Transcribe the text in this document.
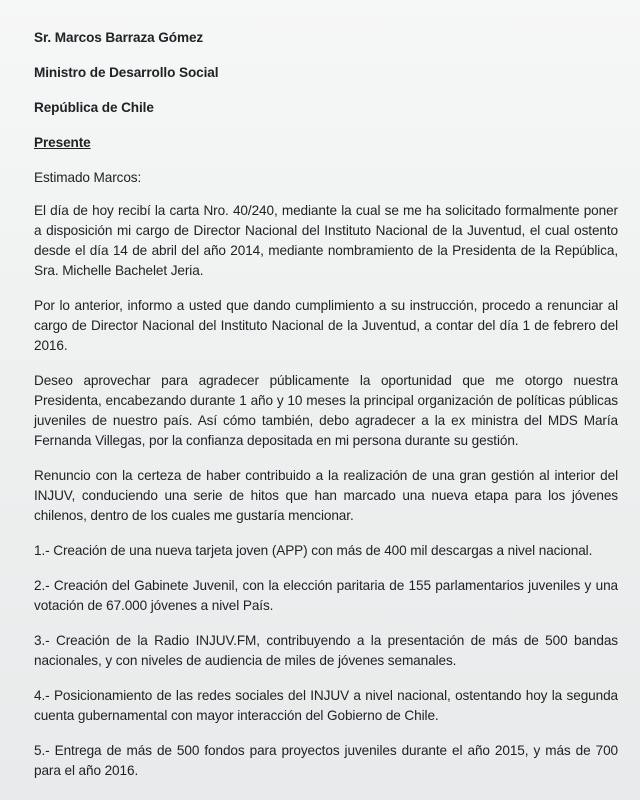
Sr. Marcos Barraza Gómez
Ministro de Desarrollo Social
República de Chile
Presente
Estimado Marcos:

El día de hoy recibí la carta Nro. 40/240, mediante la cual se me ha solicitado formalmente poner a disposición mi cargo de Director Nacional del Instituto Nacional de la Juventud, el cual ostento desde el día 14 de abril del año 2014, mediante nombramiento de la Presidenta de la República, Sra. Michelle Bachelet Jeria.

Por lo anterior, informo a usted que dando cumplimiento a su instrucción, procedo a renunciar al cargo de Director Nacional del Instituto Nacional de la Juventud, a contar del día 1 de febrero del 2016.

Deseo aprovechar para agradecer públicamente la oportunidad que me otorgo nuestra Presidenta, encabezando durante 1 año y 10 meses la principal organización de políticas públicas juveniles de nuestro país. Así cómo también, debo agradecer a la ex ministra del MDS María Fernanda Villegas, por la confianza depositada en mi persona durante su gestión.

Renuncio con la certeza de haber contribuido a la realización de una gran gestión al interior del INJUV, conduciendo una serie de hitos que han marcado una nueva etapa para los jóvenes chilenos, dentro de los cuales me gustaría mencionar.

1.- Creación de una nueva tarjeta joven (APP) con más de 400 mil descargas a nivel nacional.
2.- Creación del Gabinete Juvenil, con la elección paritaria de 155 parlamentarios juveniles y una votación de 67.000 jóvenes a nivel País.
3.- Creación de la Radio INJUV.FM, contribuyendo a la presentación de más de 500 bandas nacionales, y con niveles de audiencia de miles de jóvenes semanales.
4.- Posicionamiento de las redes sociales del INJUV a nivel nacional, ostentando hoy la segunda cuenta gubernamental con mayor interacción del Gobierno de Chile.
5.- Entrega de más de 500 fondos para proyectos juveniles durante el año 2015, y más de 700 para el año 2016.
